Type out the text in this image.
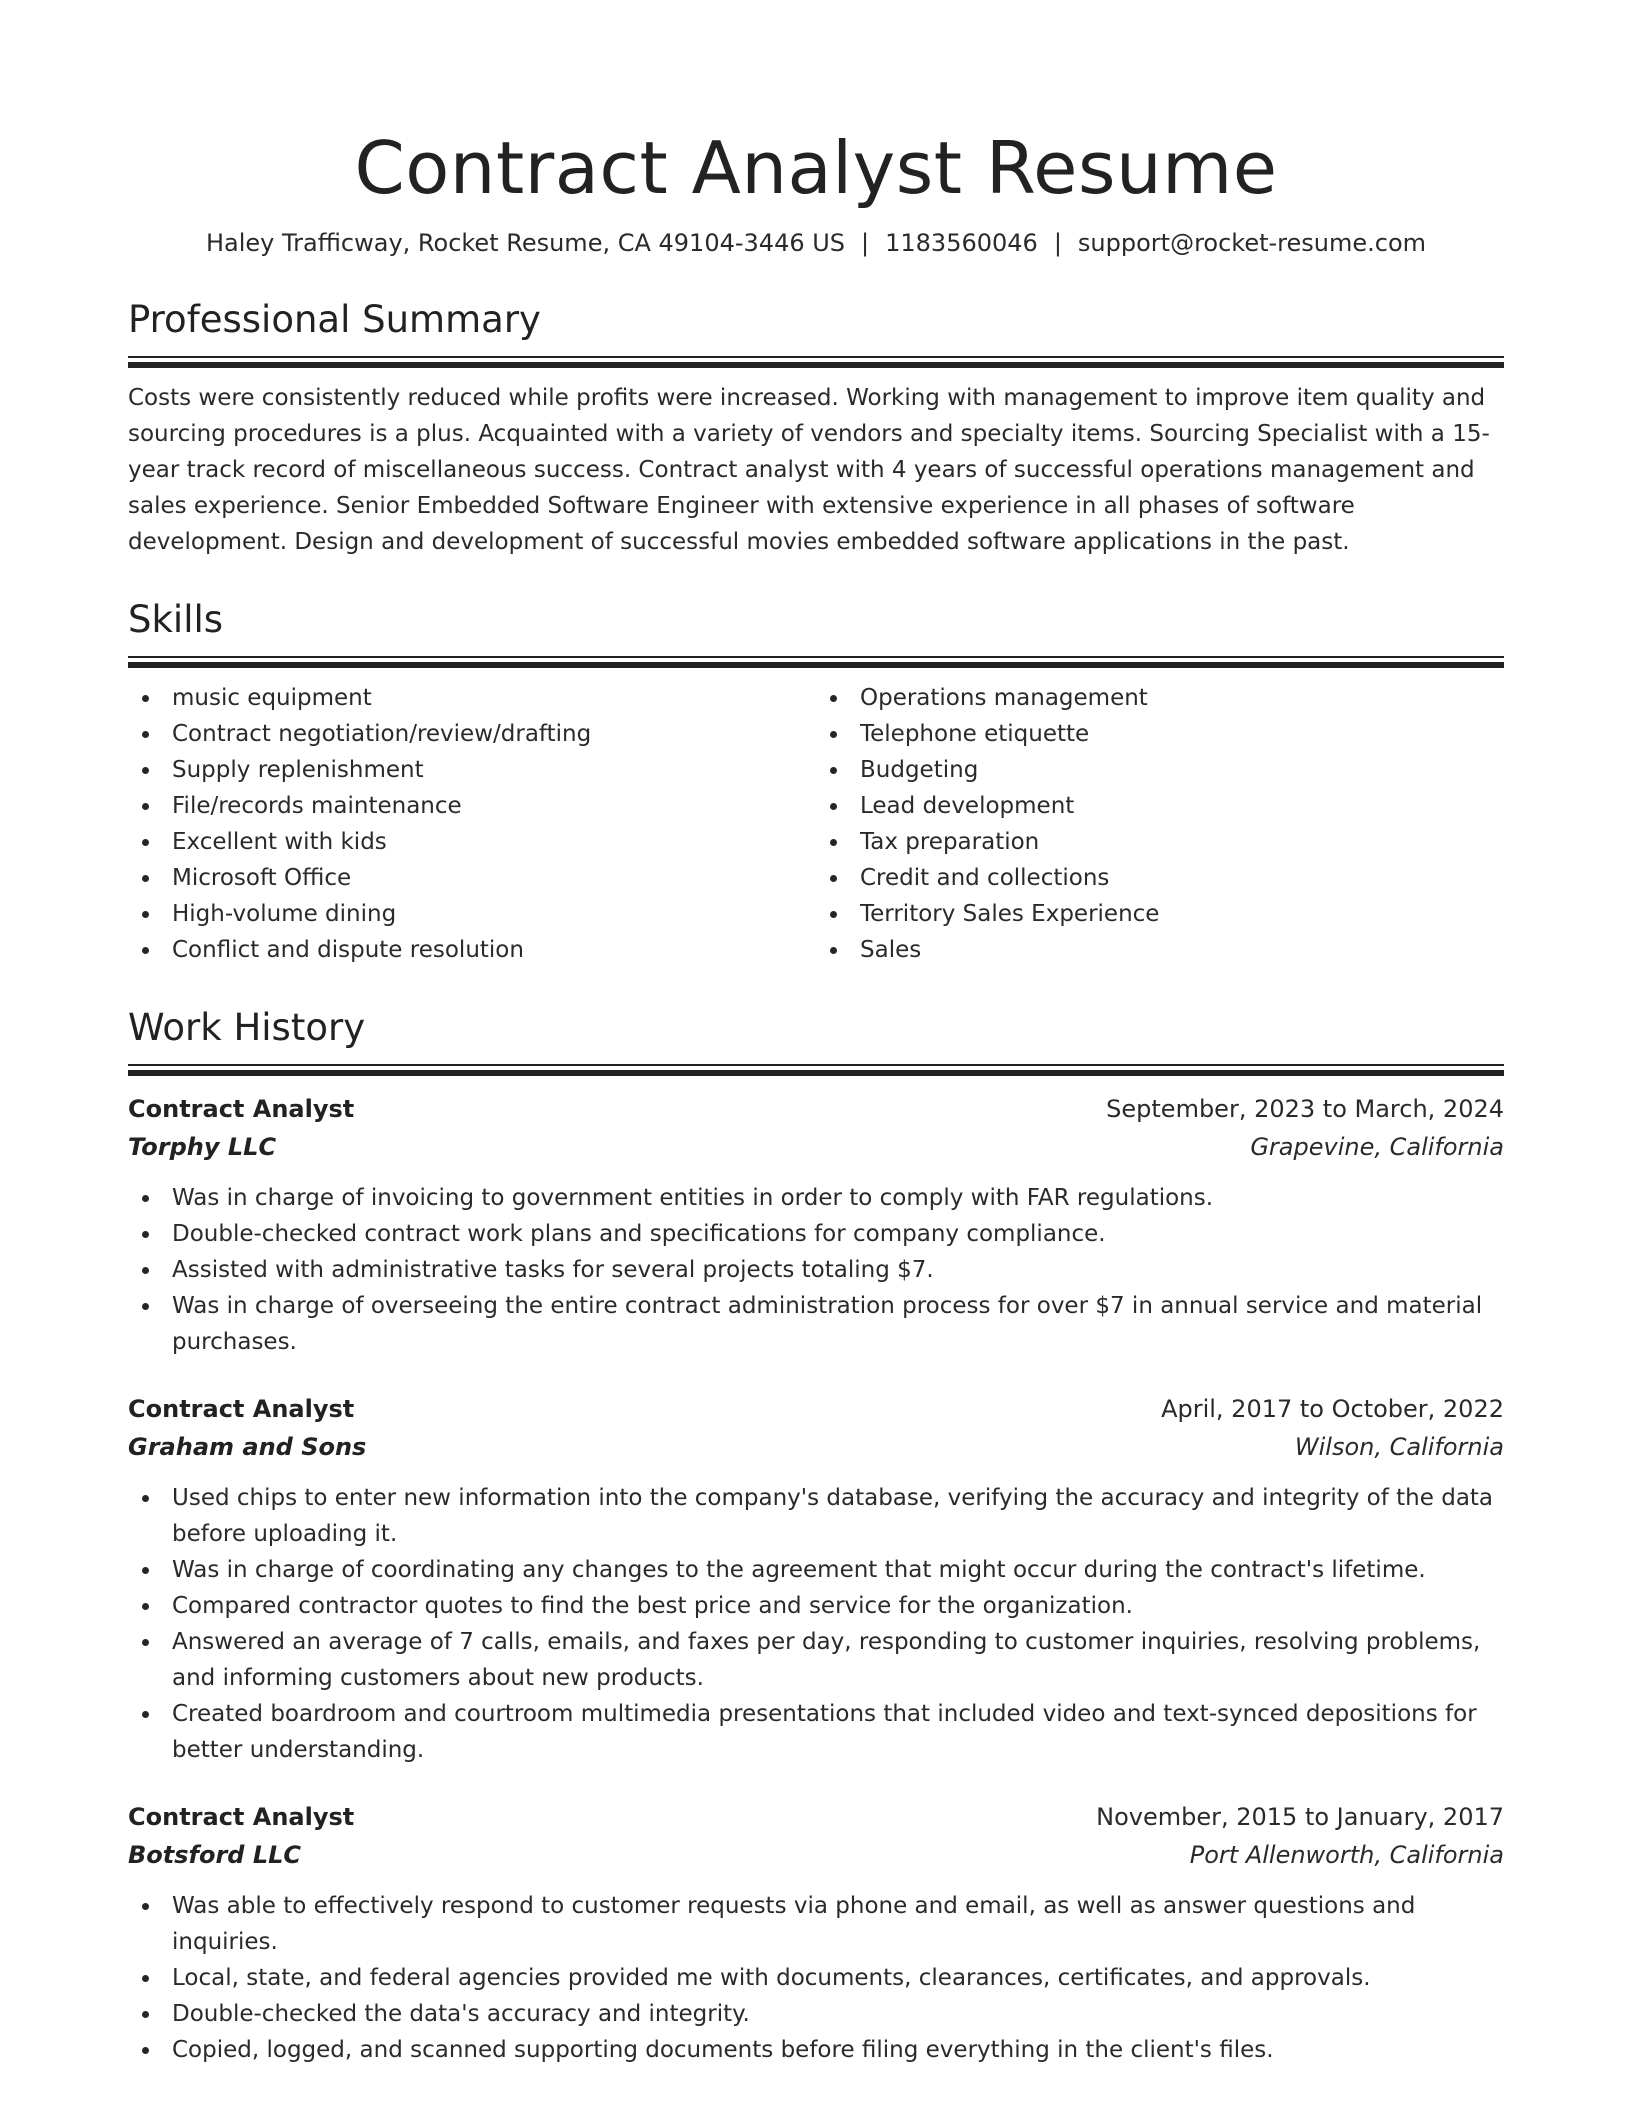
Contract Analyst Resume
Haley Trafficway, Rocket Resume, CA 49104-3446 US | 1183560046 | support@rocket-resume.com
Professional Summary

Costs were consistently reduced while profits were increased. Working with management to improve item quality and sourcing procedures is a plus. Acquainted with a variety of vendors and specialty items. Sourcing Specialist with a 15-year track record of miscellaneous success. Contract analyst with 4 years of successful operations management and sales experience. Senior Embedded Software Engineer with extensive experience in all phases of software development. Design and development of successful movies embedded software applications in the past.

Skills
music equipment
Contract negotiation/review/drafting
Supply replenishment
File/records maintenance
Excellent with kids
Microsoft Office
High-volume dining
Conflict and dispute resolution
Operations management
Telephone etiquette
Budgeting
Lead development
Tax preparation
Credit and collections
Territory Sales Experience
Sales
Work History
Contract Analyst	September, 2023 to March, 2024
Torphy LLC	Grapevine, California
Was in charge of invoicing to government entities in order to comply with FAR regulations.
Double-checked contract work plans and specifications for company compliance.
Assisted with administrative tasks for several projects totaling $7.
Was in charge of overseeing the entire contract administration process for over $7 in annual service and material purchases.
Contract Analyst	April, 2017 to October, 2022
Graham and Sons	Wilson, California
Used chips to enter new information into the company's database, verifying the accuracy and integrity of the data before uploading it.
Was in charge of coordinating any changes to the agreement that might occur during the contract's lifetime.
Compared contractor quotes to find the best price and service for the organization.
Answered an average of 7 calls, emails, and faxes per day, responding to customer inquiries, resolving problems, and informing customers about new products.
Created boardroom and courtroom multimedia presentations that included video and text-synced depositions for better understanding.
Contract Analyst	November, 2015 to January, 2017
Botsford LLC	Port Allenworth, California
Was able to effectively respond to customer requests via phone and email, as well as answer questions and inquiries.
Local, state, and federal agencies provided me with documents, clearances, certificates, and approvals.
Double-checked the data's accuracy and integrity.
Copied, logged, and scanned supporting documents before filing everything in the client's files.
